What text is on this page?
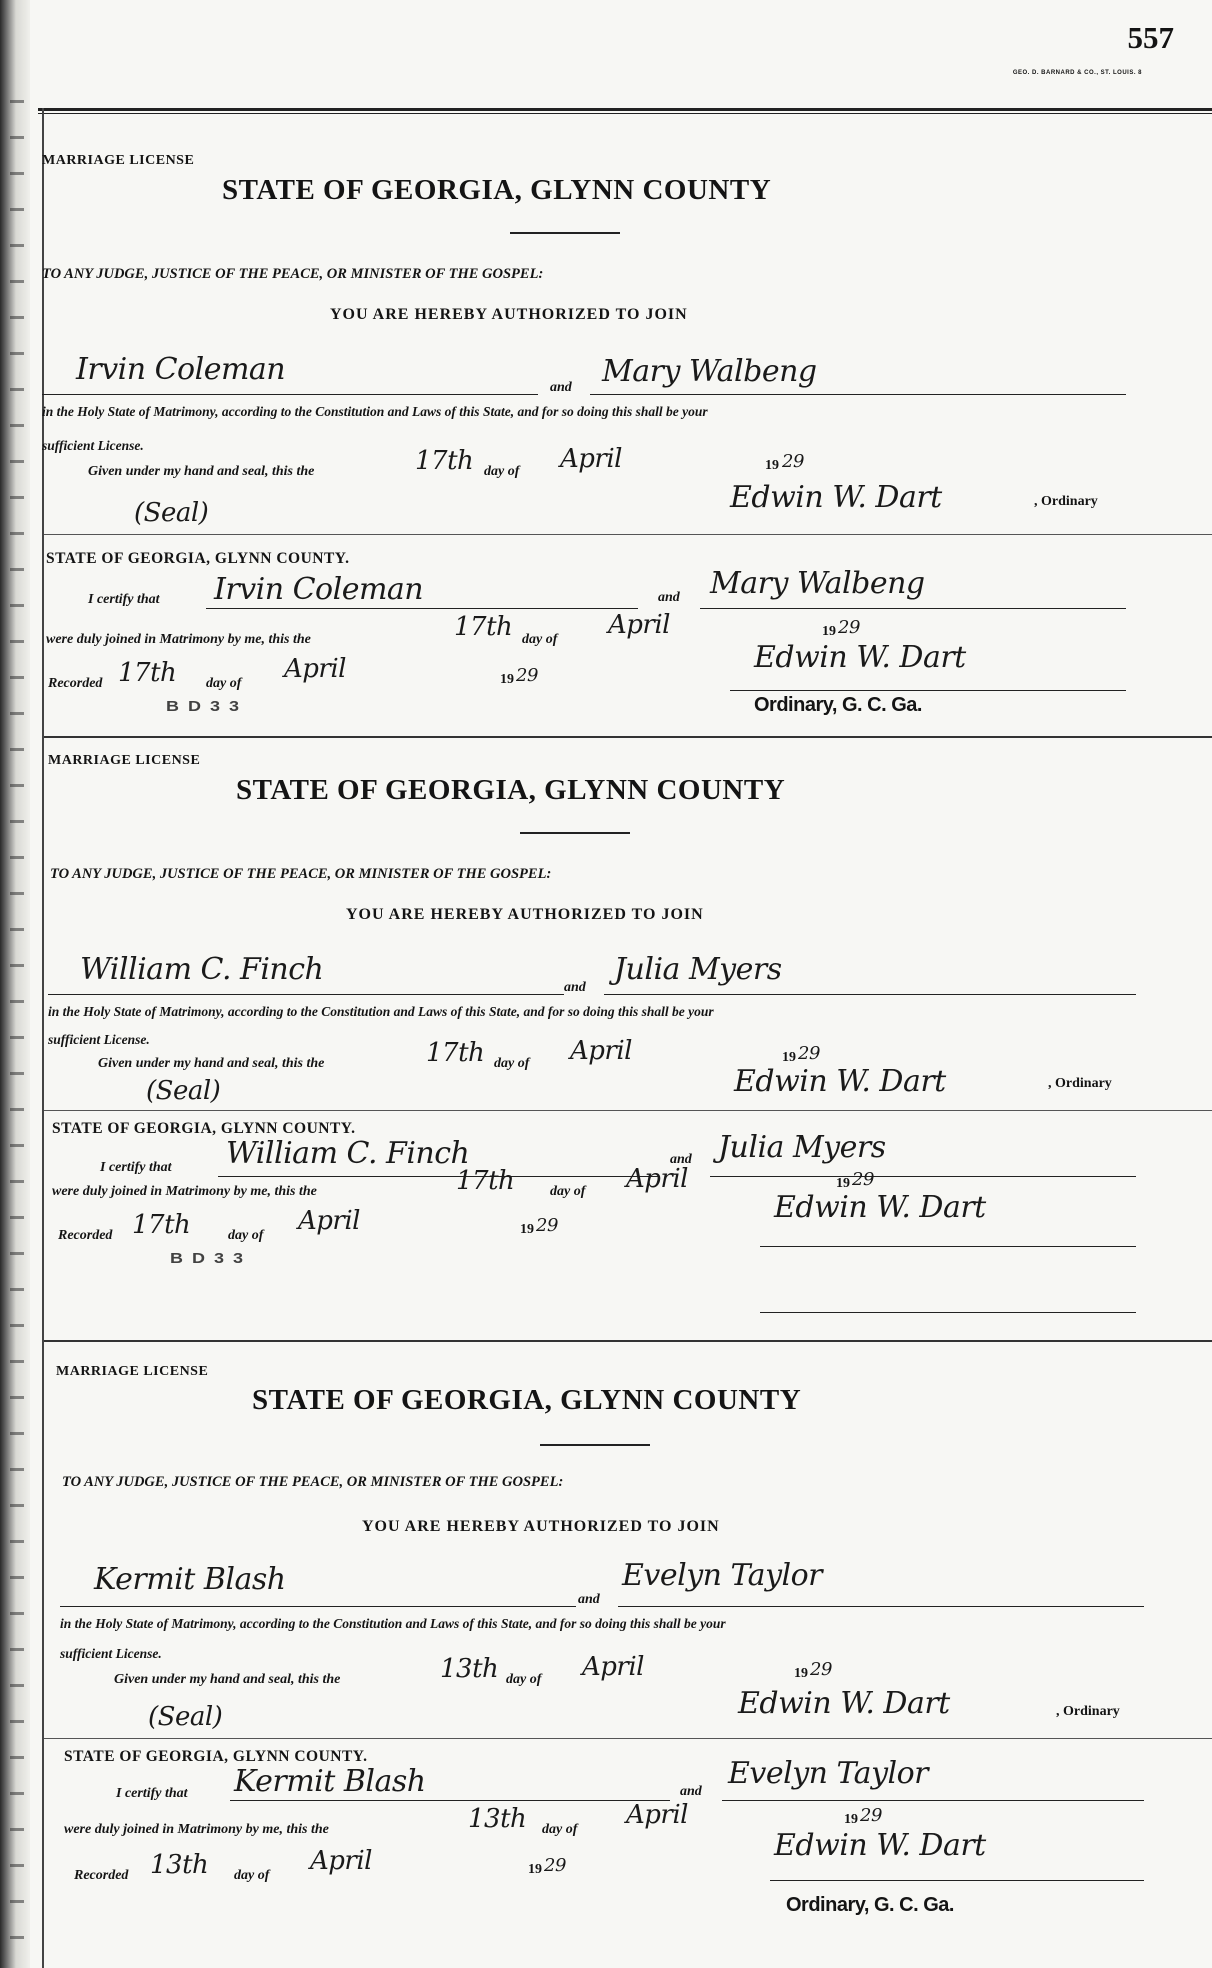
557
GEO. D. BARNARD & CO., ST. LOUIS. 8
MARRIAGE LICENSE
STATE OF GEORGIA, GLYNN COUNTY
TO ANY JUDGE, JUSTICE OF THE PEACE, OR MINISTER OF THE GOSPEL:
YOU ARE HEREBY AUTHORIZED TO JOIN
Irvin Coleman
and Mary Walbeng
in the Holy State of Matrimony, according to the Constitution and Laws of this State, and for so doing this shall be your
sufficient License.
Given under my hand and seal, this the	17th day of April	19 29
(Seal)	Edwin W. Dart	, Ordinary
STATE OF GEORGIA, GLYNN COUNTY.
I certify that Irvin Coleman	and Mary Walbeng
were duly joined in Matrimony by me, this the	17th day of April	19 29
Recorded 17th day of April	19 29
Edwin W. Dart
B D 3 3	Ordinary, G. C. Ga.
MARRIAGE LICENSE
STATE OF GEORGIA, GLYNN COUNTY
TO ANY JUDGE, JUSTICE OF THE PEACE, OR MINISTER OF THE GOSPEL:
YOU ARE HEREBY AUTHORIZED TO JOIN
William C. Finch
and
Julia Myers
in the Holy State of Matrimony, according to the Constitution and Laws of this State, and for so doing this shall be your
sufficient License.
Given under my hand and seal, this the	17th day of April	19 29
(Seal)	Edwin W. Dart	, Ordinary
STATE OF GEORGIA, GLYNN COUNTY.
I certify that William C. Finch	and Julia Myers
were duly joined in Matrimony by me, this the	17th	day of April	19 29
Recorded 17th	day of April	19 29
Edwin W. Dart
B D 3 3
MARRIAGE LICENSE
STATE OF GEORGIA, GLYNN COUNTY
TO ANY JUDGE, JUSTICE OF THE PEACE, OR MINISTER OF THE GOSPEL:
YOU ARE HEREBY AUTHORIZED TO JOIN
Kermit Blash
and
Evelyn Taylor
in the Holy State of Matrimony, according to the Constitution and Laws of this State, and for so doing this shall be your
sufficient License.
Given under my hand and seal, this the	13th day of April	19 29
(Seal)	Edwin W. Dart	, Ordinary
STATE OF GEORGIA, GLYNN COUNTY.
I certify that Kermit Blash	and
Evelyn Taylor
were duly joined in Matrimony by me, this the	13th day of April	19 29
Recorded 13th day of April	19 29
Edwin W. Dart
Ordinary, G. C. Ga.
